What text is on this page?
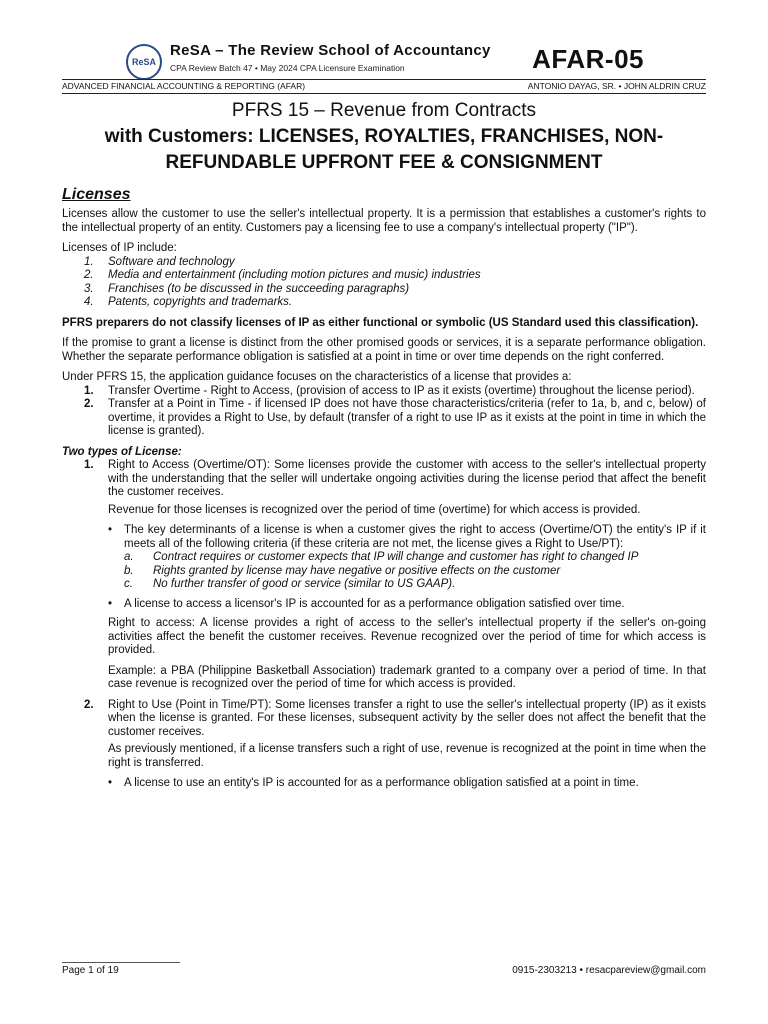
ReSA
ReSA – The Review School of Accountancy
CPA Review Batch 47 • May 2024 CPA Licensure Examination	AFAR-05
ADVANCED FINANCIAL ACCOUNTING & REPORTING (AFAR)	ANTONIO DAYAG, SR. • JOHN ALDRIN CRUZ
PFRS 15 – Revenue from Contracts
with Customers: LICENSES, ROYALTIES, FRANCHISES, NON-
REFUNDABLE UPFRONT FEE & CONSIGNMENT
Licenses

Licenses allow the customer to use the seller's intellectual property. It is a permission that establishes a customer's rights to the intellectual property of an entity. Customers pay a licensing fee to use a company's intellectual property ("IP").

Licenses of IP include:

1. Software and technology
2. Media and entertainment (including motion pictures and music) industries
3. Franchises (to be discussed in the succeeding paragraphs)
4. Patents, copyrights and trademarks.

PFRS preparers do not classify licenses of IP as either functional or symbolic (US Standard used this classification).

If the promise to grant a license is distinct from the other promised goods or services, it is a separate performance obligation. Whether the separate performance obligation is satisfied at a point in time or over time depends on the right conferred.

Under PFRS 15, the application guidance focuses on the characteristics of a license that provides a:

1. Transfer Overtime - Right to Access, (provision of access to IP as it exists (overtime) throughout the license period).
2. Transfer at a Point in Time - if licensed IP does not have those characteristics/criteria (refer to 1a, b, and c, below) of overtime, it provides a Right to Use, by default (transfer of a right to use IP as it exists at the point in time in which the license is granted).

Two types of License:

1. Right to Access (Overtime/OT): Some licenses provide the customer with access to the seller's intellectual property with the understanding that the seller will undertake ongoing activities during the license period that affect the benefit the customer receives.

Revenue for those licenses is recognized over the period of time (overtime) for which access is provided.

• The key determinants of a license is when a customer gives the right to access (Overtime/OT) the entity's IP if it meets all of the following criteria (if these criteria are not met, the license gives a Right to Use/PT):
a. Contract requires or customer expects that IP will change and customer has right to changed IP
b. Rights granted by license may have negative or positive effects on the customer
c. No further transfer of good or service (similar to US GAAP).
• A license to access a licensor's IP is accounted for as a performance obligation satisfied over time.

Right to access: A license provides a right of access to the seller's intellectual property if the seller's on-going activities affect the benefit the customer receives. Revenue recognized over the period of time for which access is provided.

Example: a PBA (Philippine Basketball Association) trademark granted to a company over a period of time. In that case revenue is recognized over the period of time for which access is provided.

2. Right to Use (Point in Time/PT): Some licenses transfer a right to use the seller's intellectual property (IP) as it exists when the license is granted. For these licenses, subsequent activity by the seller does not affect the benefit that the customer receives.

As previously mentioned, if a license transfers such a right of use, revenue is recognized at the point in time when the right is transferred.

• A license to use an entity's IP is accounted for as a performance obligation satisfied at a point in time.
Page 1 of 19	0915-2303213 • resacpareview@gmail.com
